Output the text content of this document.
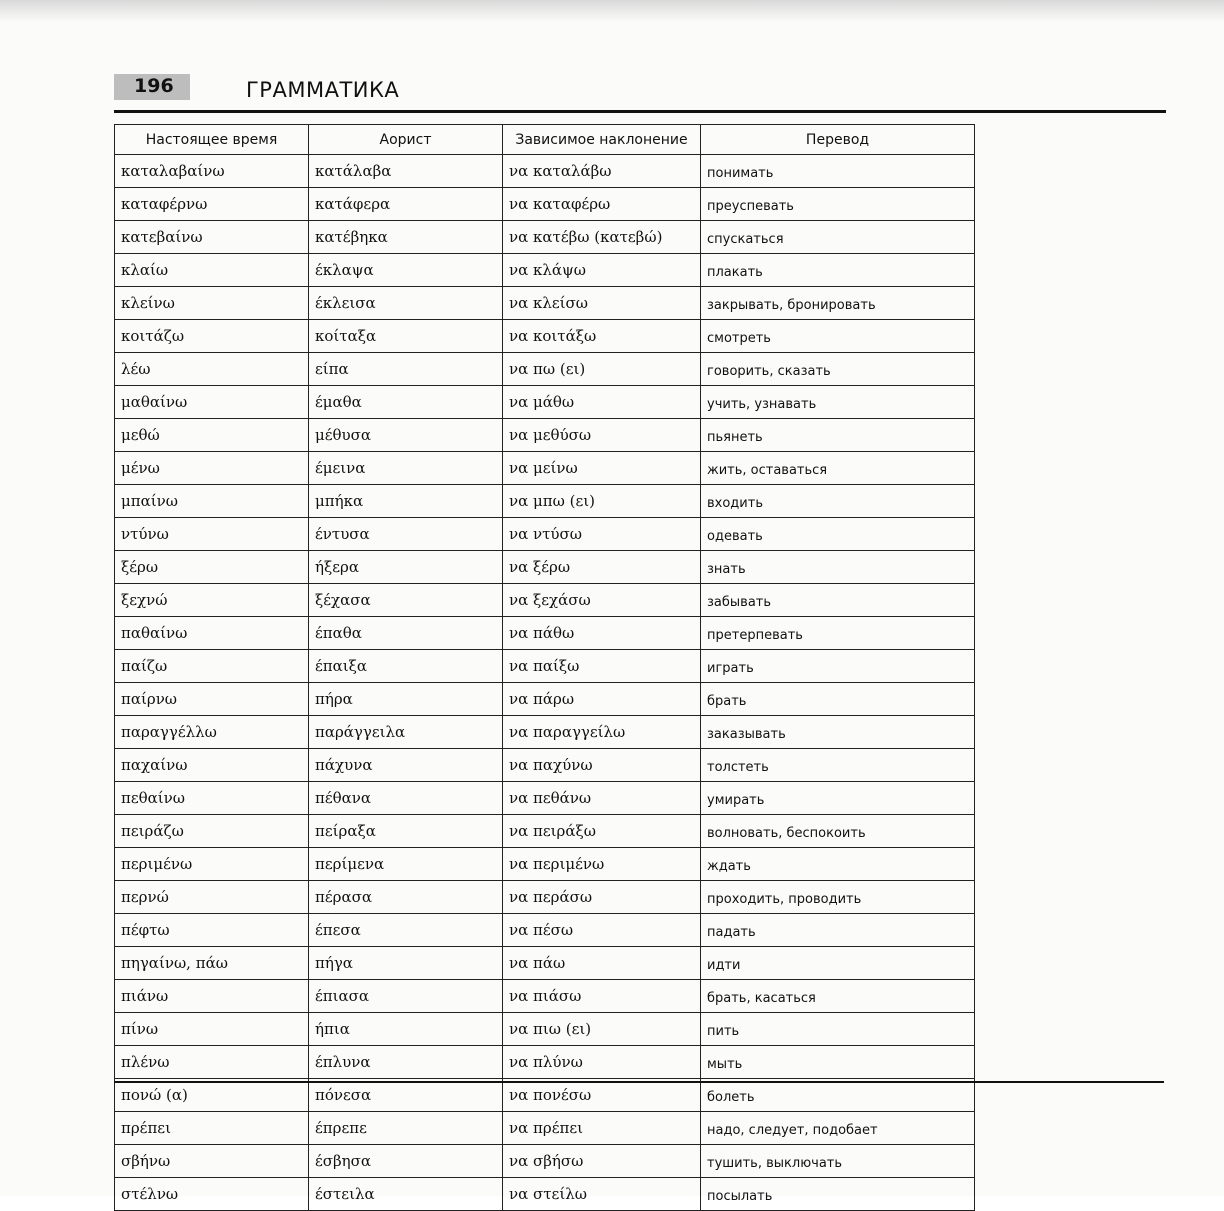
196	ГРАММАТИКА
Настоящее время	Аорист	Зависимое наклонение	Перевод
καταλαβαίνω	κατάλαβα	να καταλάβω	понимать
καταφέρνω	κατάφερα	να καταφέρω	преуспевать
κατεβαίνω	κατέβηκα	να κατέβω (κατεβώ)	спускаться
κλαίω	έκλαψα	να κλάψω	плакать
κλείνω	έκλεισα	να κλείσω	закрывать, бронировать
κοιτάζω	κοίταξα	να κοιτάξω	смотреть
λέω	είπα	να πω (ει)	говорить, сказать
μαθαίνω	έμαθα	να μάθω	учить, узнавать
μεθώ	μέθυσα	να μεθύσω	пьянеть
μένω	έμεινα	να μείνω	жить, оставаться
μπαίνω	μπήκα	να μπω (ει)	входить
ντύνω	έντυσα	να ντύσω	одевать
ξέρω	ήξερα	να ξέρω	знать
ξεχνώ	ξέχασα	να ξεχάσω	забывать
παθαίνω	έπαθα	να πάθω	претерпевать
παίζω	έπαιξα	να παίξω	играть
παίρνω	πήρα	να πάρω	брать
παραγγέλλω	παράγγειλα	να παραγγείλω	заказывать
παχαίνω	πάχυνα	να παχύνω	толстеть
πεθαίνω	πέθανα	να πεθάνω	умирать
πειράζω	πείραξα	να πειράξω	волновать, беспокоить
περιμένω	περίμενα	να περιμένω	ждать
περνώ	πέρασα	να περάσω	проходить, проводить
πέφτω	έπεσα	να πέσω	падать
πηγαίνω, πάω	πήγα	να πάω	идти
πιάνω	έπιασα	να πιάσω	брать, касаться
πίνω	ήπια	να πιω (ει)	пить
πλένω	έπλυνα	να πλύνω	мыть
πονώ (α)	πόνεσα	να πονέσω	болеть
πρέπει	έπρεπε	να πρέπει	надо, следует, подобает
σβήνω	έσβησα	να σβήσω	тушить, выключать
στέλνω	έστειλα	να στείλω	посылать
